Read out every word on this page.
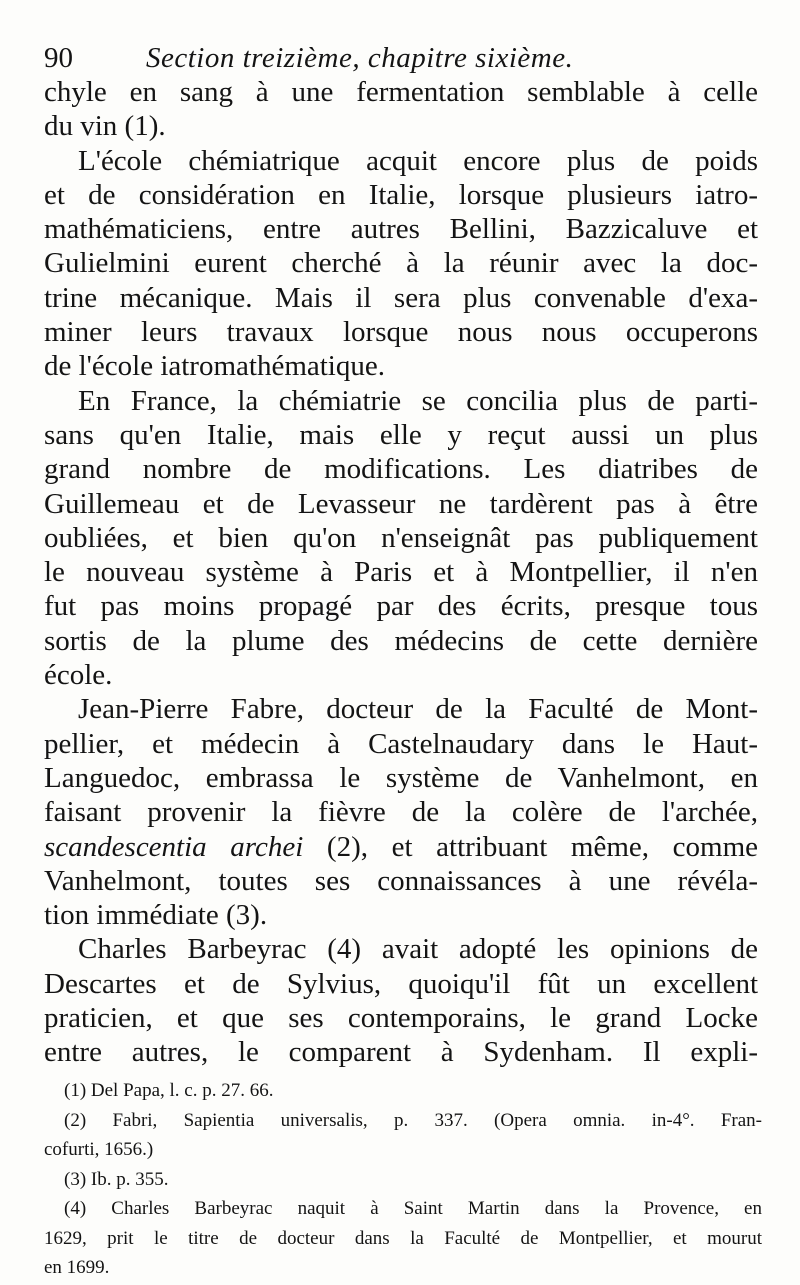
90	Section treizième, chapitre sixième.
chyle en sang à une fermentation semblable à celle
du vin (1).
L'école chémiatrique acquit encore plus de poids
et de considération en Italie, lorsque plusieurs iatro-
mathématiciens, entre autres Bellini, Bazzicaluve et
Gulielmini eurent cherché à la réunir avec la doc-
trine mécanique. Mais il sera plus convenable d'exa-
miner leurs travaux lorsque nous nous occuperons
de l'école iatromathématique.
En France, la chémiatrie se concilia plus de parti-
sans qu'en Italie, mais elle y reçut aussi un plus
grand nombre de modifications. Les diatribes de
Guillemeau et de Levasseur ne tardèrent pas à être
oubliées, et bien qu'on n'enseignât pas publiquement
le nouveau système à Paris et à Montpellier, il n'en
fut pas moins propagé par des écrits, presque tous
sortis de la plume des médecins de cette dernière
école.
Jean-Pierre Fabre, docteur de la Faculté de Mont-
pellier, et médecin à Castelnaudary dans le Haut-
Languedoc, embrassa le système de Vanhelmont, en
faisant provenir la fièvre de la colère de l'archée,
scandescentia archei (2), et attribuant même, comme
Vanhelmont, toutes ses connaissances à une révéla-
tion immédiate (3).
Charles Barbeyrac (4) avait adopté les opinions de
Descartes et de Sylvius, quoiqu'il fût un excellent
praticien, et que ses contemporains, le grand Locke
entre autres, le comparent à Sydenham. Il expli-
(1) Del Papa, l. c. p. 27. 66.
(2) Fabri, Sapientia universalis, p. 337. (Opera omnia. in-4°. Fran-
cofurti, 1656.)
(3) Ib. p. 355.
(4) Charles Barbeyrac naquit à Saint Martin dans la Provence, en
1629, prit le titre de docteur dans la Faculté de Montpellier, et mourut
en 1699.
